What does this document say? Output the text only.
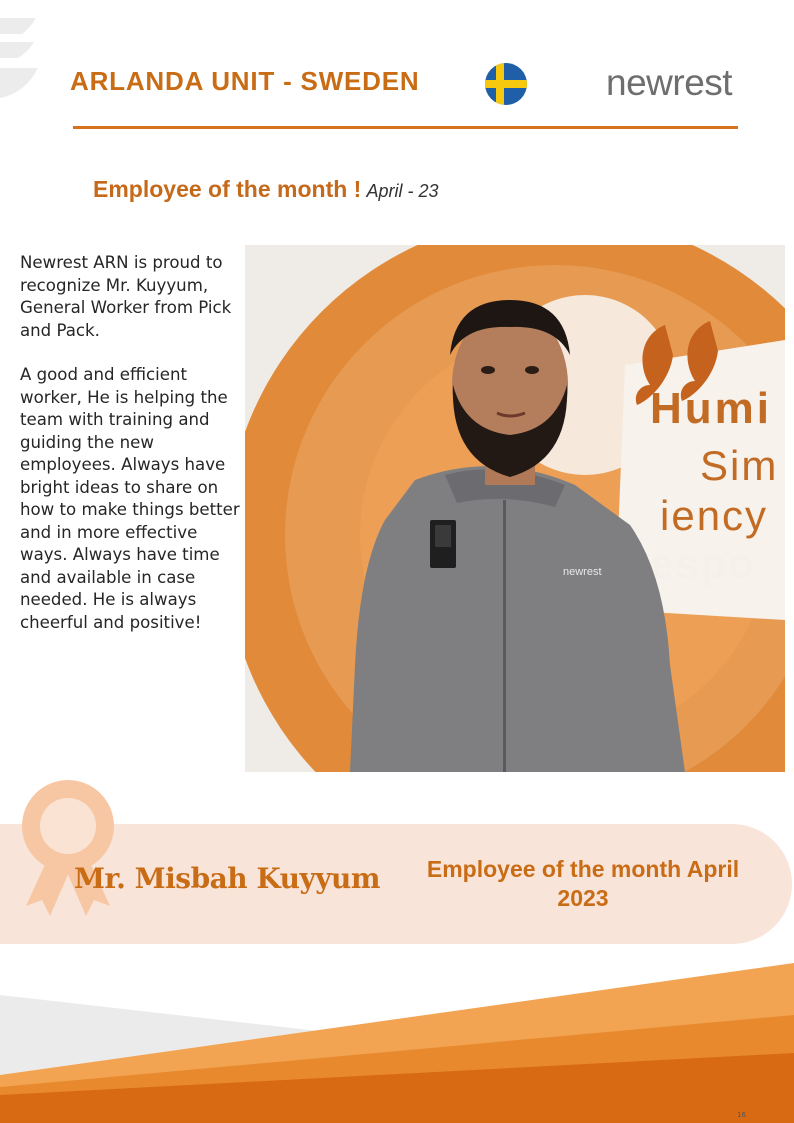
ARLANDA UNIT - SWEDEN	newrest
Employee of the month ! April - 23

Newrest ARN is proud to recognize Mr. Kuyyum, General Worker from Pick and Pack.

A good and efficient worker, He is helping the team with training and guiding the new employees. Always have bright ideas to share on how to make things better and in more effective ways. Always have time and available in case needed. He is always cheerful and positive!

Humi
Sim
iency
espo
newrest
Mr. Misbah Kuyyum	Employee of the month April 2023
16
